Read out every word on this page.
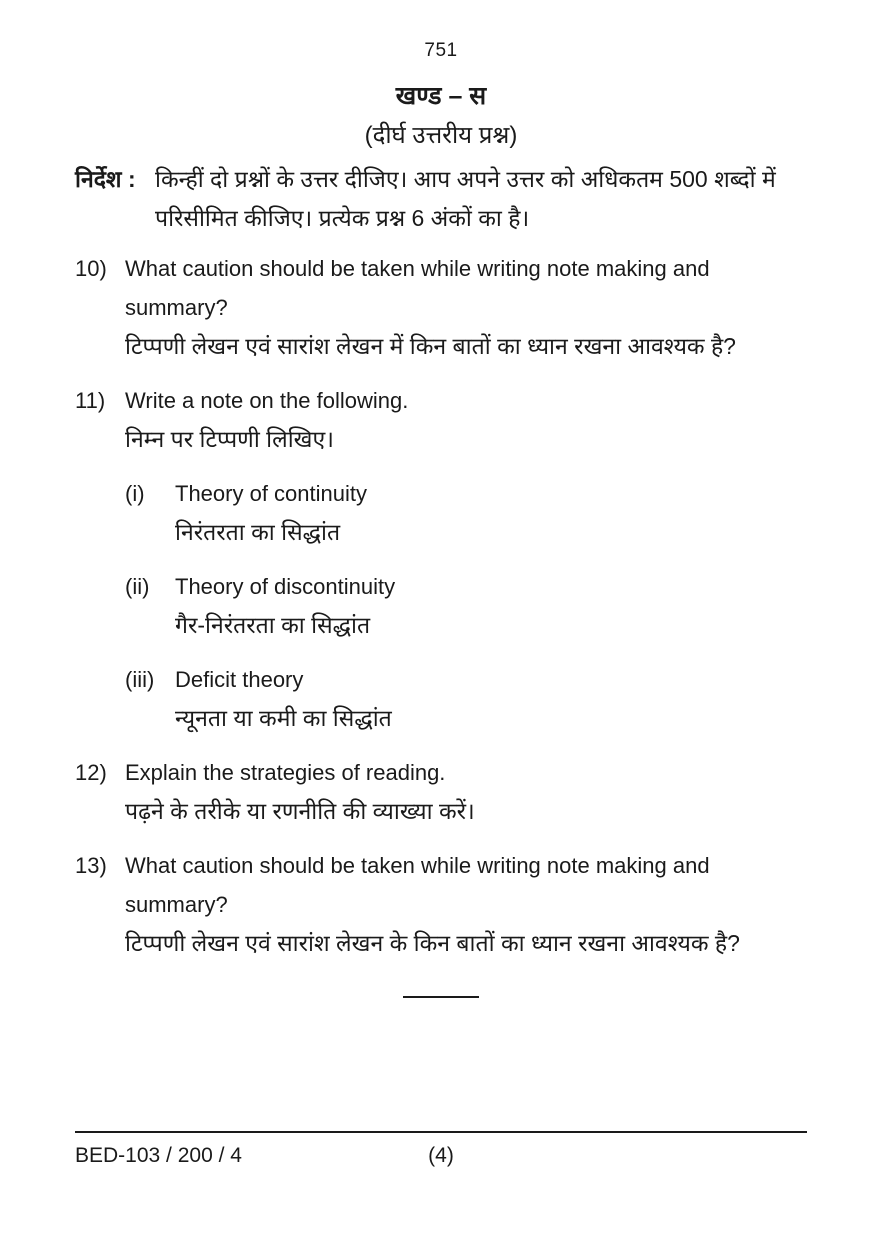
751
खण्ड – स
(दीर्घ उत्तरीय प्रश्न)
निर्देश : किन्हीं दो प्रश्नों के उत्तर दीजिए। आप अपने उत्तर को अधिकतम 500 शब्दों में परिसीमित कीजिए। प्रत्येक प्रश्न 6 अंकों का है।
10) What caution should be taken while writing note making and summary?
टिप्पणी लेखन एवं सारांश लेखन में किन बातों का ध्यान रखना आवश्यक है?
11) Write a note on the following.
निम्न पर टिप्पणी लिखिए।
(i)	Theory of continuity
निरंतरता का सिद्धांत
(ii)	Theory of discontinuity
गैर-निरंतरता का सिद्धांत
(iii) Deficit theory
न्यूनता या कमी का सिद्धांत
12) Explain the strategies of reading.
पढ़ने के तरीके या रणनीति की व्याख्या करें।
13) What caution should be taken while writing note making and summary?
टिप्पणी लेखन एवं सारांश लेखन के किन बातों का ध्यान रखना आवश्यक है?
BED-103 / 200 / 4	(4)
